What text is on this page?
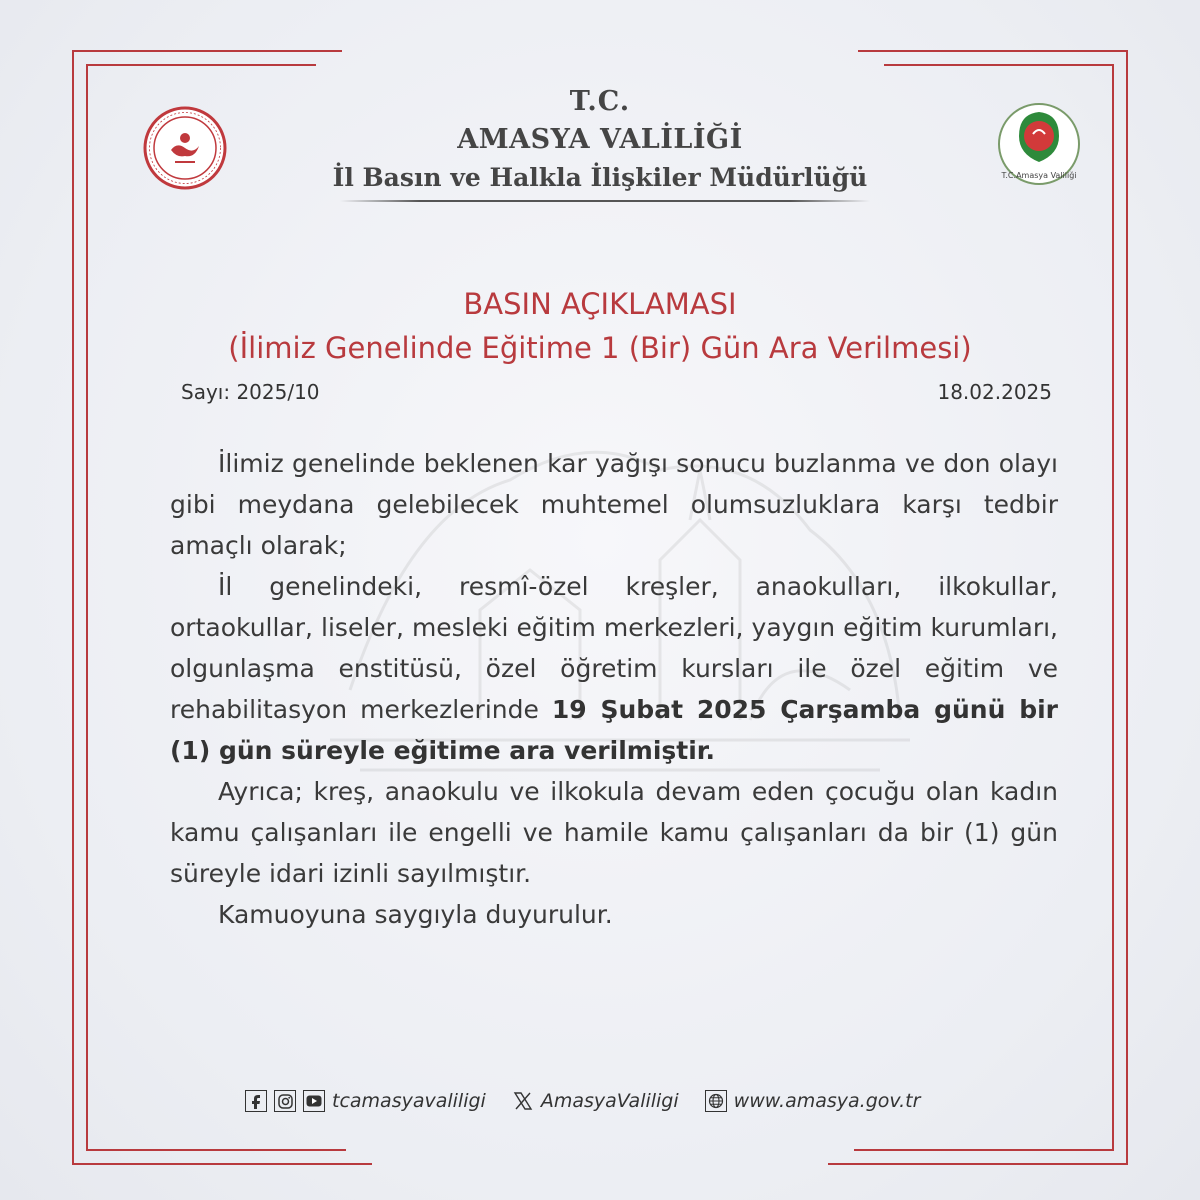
T.C.Amasya Valiliği
T.C.
AMASYA VALİLİĞİ
İl Basın ve Halkla İlişkiler Müdürlüğü
BASIN AÇIKLAMASI
(İlimiz Genelinde Eğitime 1 (Bir) Gün Ara Verilmesi)
Sayı: 2025/10	18.02.2025

İlimiz genelinde beklenen kar yağışı sonucu buzlanma ve don olayı gibi meydana gelebilecek muhtemel olumsuzluklara karşı tedbir amaçlı olarak;

İl genelindeki, resmî-özel kreşler, anaokulları, ilkokullar, ortaokullar, liseler, mesleki eğitim merkezleri, yaygın eğitim kurumları, olgunlaşma enstitüsü, özel öğretim kursları ile özel eğitim ve rehabilitasyon merkezlerinde 19 Şubat 2025 Çarşamba günü bir (1) gün süreyle eğitime ara verilmiştir.

Ayrıca; kreş, anaokulu ve ilkokula devam eden çocuğu olan kadın kamu çalışanları ile engelli ve hamile kamu çalışanları da bir (1) gün süreyle idari izinli sayılmıştır.

Kamuoyuna saygıyla duyurulur.

tcamasyavaliligi	AmasyaValiligi	www.amasya.gov.tr
